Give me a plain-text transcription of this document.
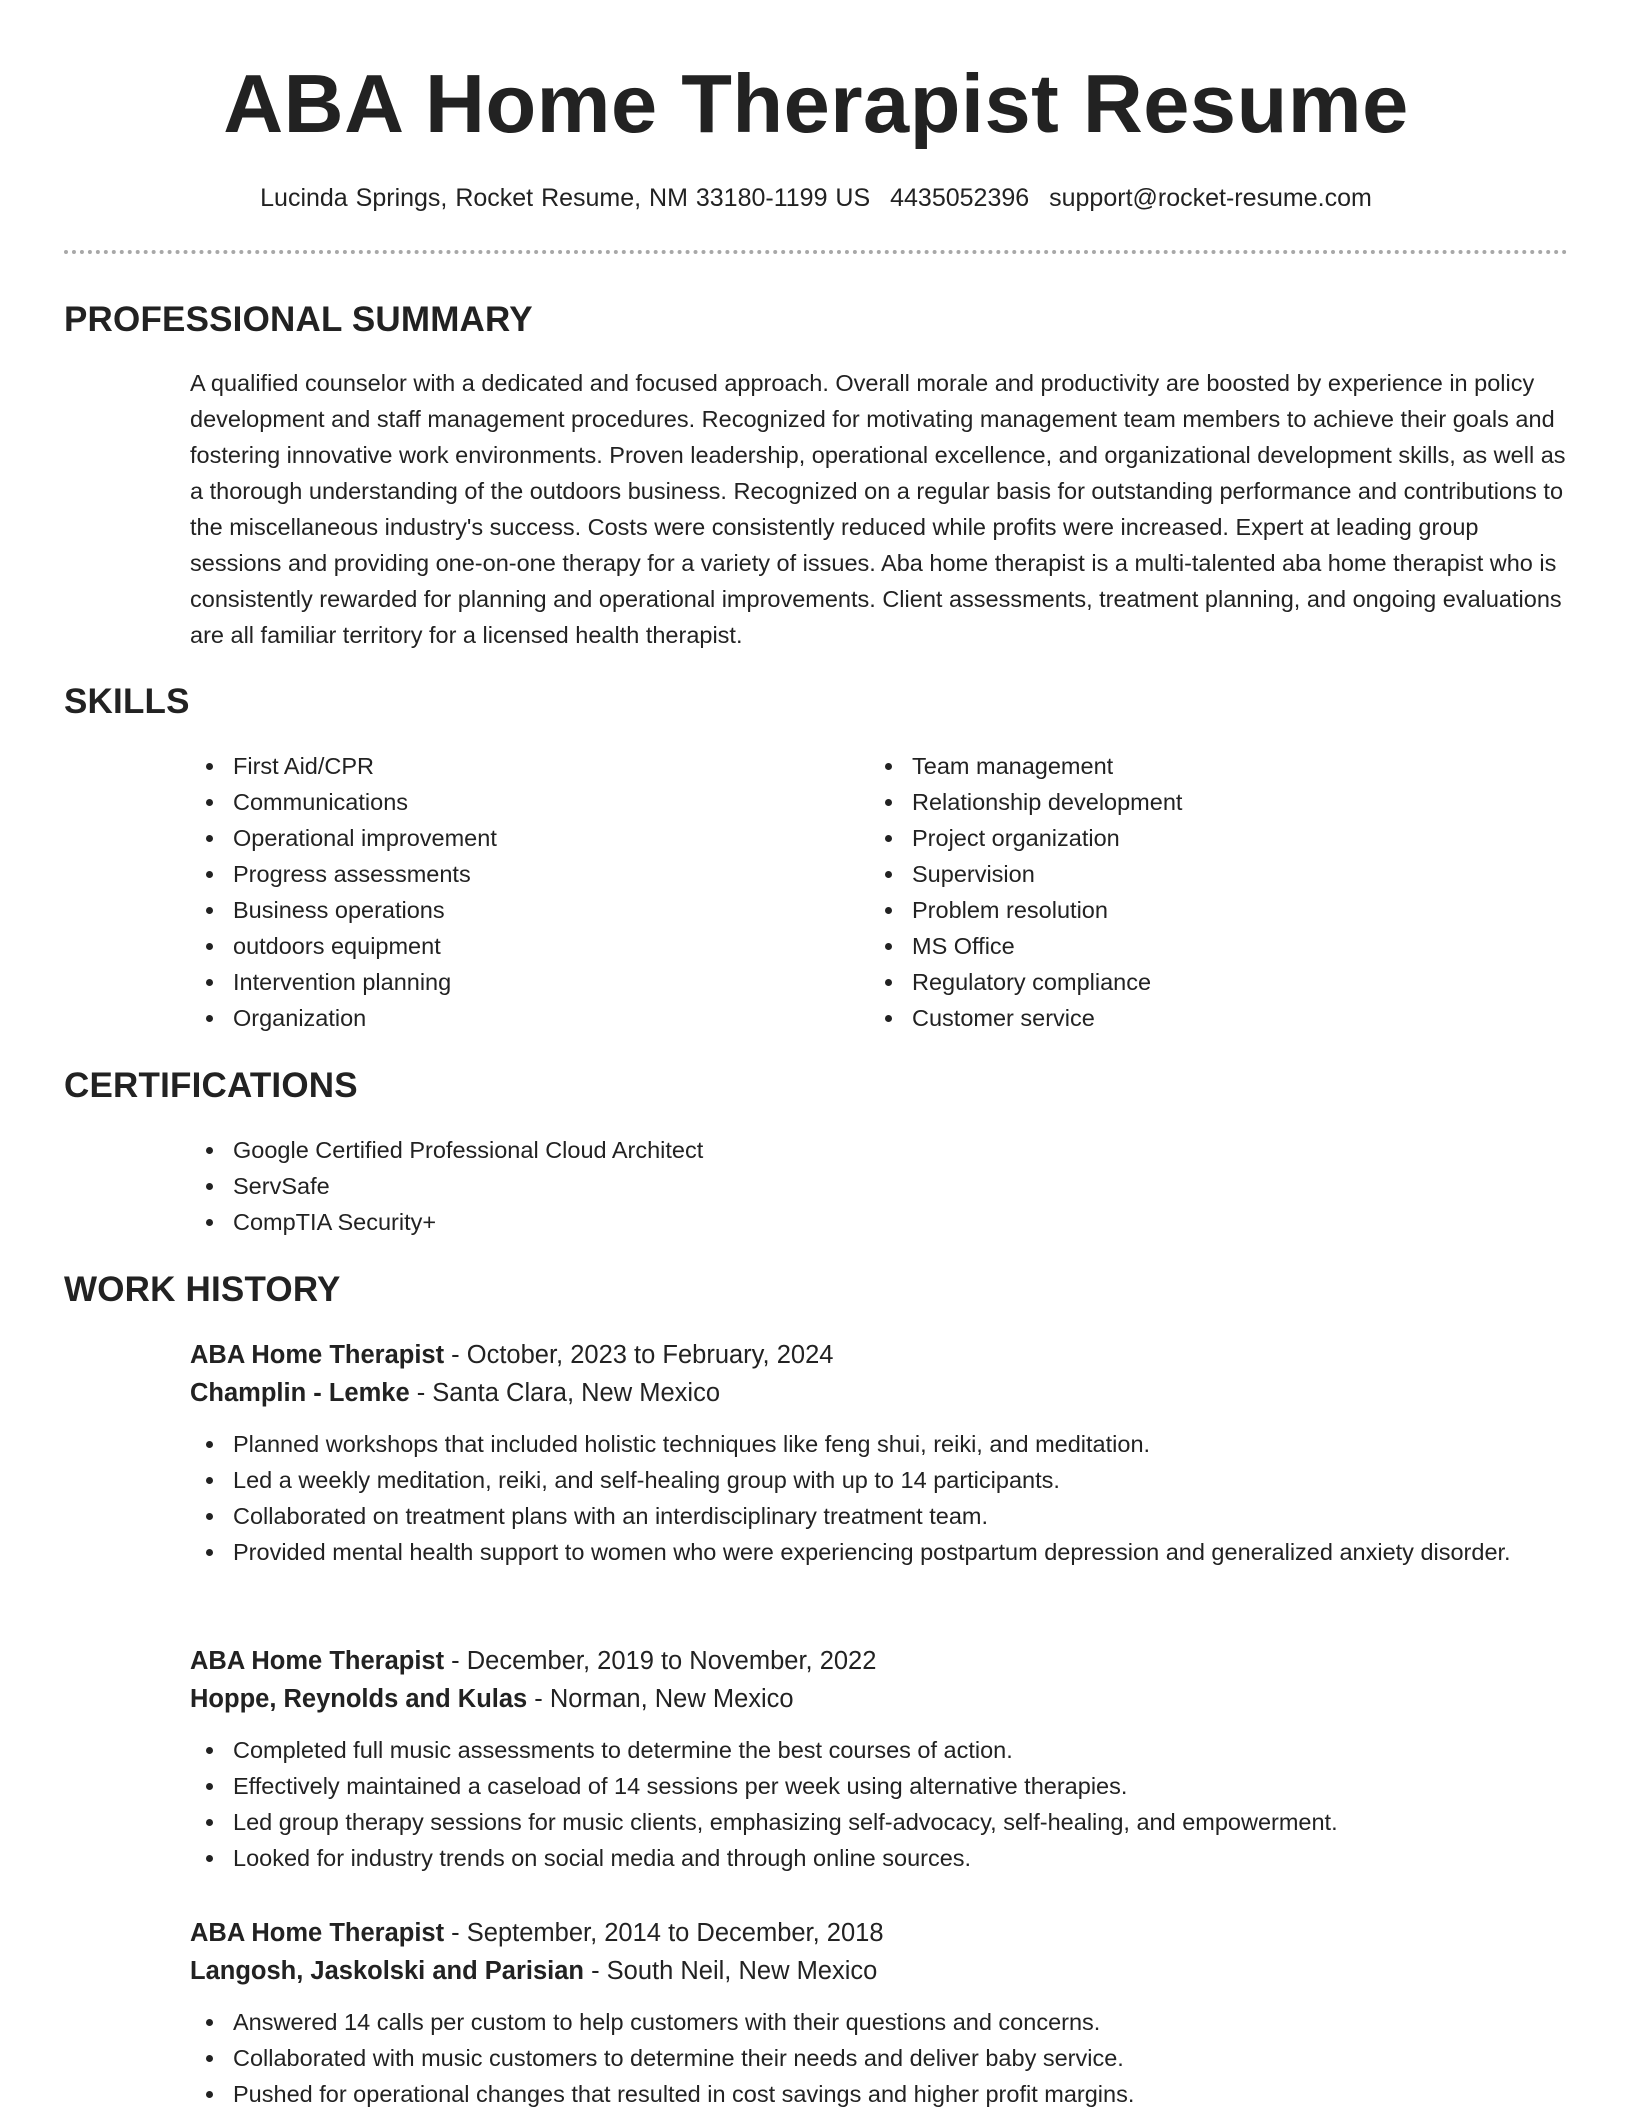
ABA Home Therapist Resume
Lucinda Springs, Rocket Resume, NM 33180-1199 US 4435052396 support@rocket-resume.com
PROFESSIONAL SUMMARY

A qualified counselor with a dedicated and focused approach. Overall morale and productivity are boosted by experience in policy development and staff management procedures. Recognized for motivating management team members to achieve their goals and fostering innovative work environments. Proven leadership, operational excellence, and organizational development skills, as well as a thorough understanding of the outdoors business. Recognized on a regular basis for outstanding performance and contributions to the miscellaneous industry's success. Costs were consistently reduced while profits were increased. Expert at leading group sessions and providing one-on-one therapy for a variety of issues. Aba home therapist is a multi-talented aba home therapist who is consistently rewarded for planning and operational improvements. Client assessments, treatment planning, and ongoing evaluations are all familiar territory for a licensed health therapist.

SKILLS
First Aid/CPR
Communications
Operational improvement
Progress assessments
Business operations
outdoors equipment
Intervention planning
Organization
Team management
Relationship development
Project organization
Supervision
Problem resolution
MS Office
Regulatory compliance
Customer service
CERTIFICATIONS
Google Certified Professional Cloud Architect
ServSafe
CompTIA Security+
WORK HISTORY
ABA Home Therapist - October, 2023 to February, 2024
Champlin - Lemke - Santa Clara, New Mexico
Planned workshops that included holistic techniques like feng shui, reiki, and meditation.
Led a weekly meditation, reiki, and self-healing group with up to 14 participants.
Collaborated on treatment plans with an interdisciplinary treatment team.
Provided mental health support to women who were experiencing postpartum depression and generalized anxiety disorder.
ABA Home Therapist - December, 2019 to November, 2022
Hoppe, Reynolds and Kulas - Norman, New Mexico
Completed full music assessments to determine the best courses of action.
Effectively maintained a caseload of 14 sessions per week using alternative therapies.
Led group therapy sessions for music clients, emphasizing self-advocacy, self-healing, and empowerment.
Looked for industry trends on social media and through online sources.
ABA Home Therapist - September, 2014 to December, 2018
Langosh, Jaskolski and Parisian - South Neil, New Mexico
Answered 14 calls per custom to help customers with their questions and concerns.
Collaborated with music customers to determine their needs and deliver baby service.
Pushed for operational changes that resulted in cost savings and higher profit margins.
